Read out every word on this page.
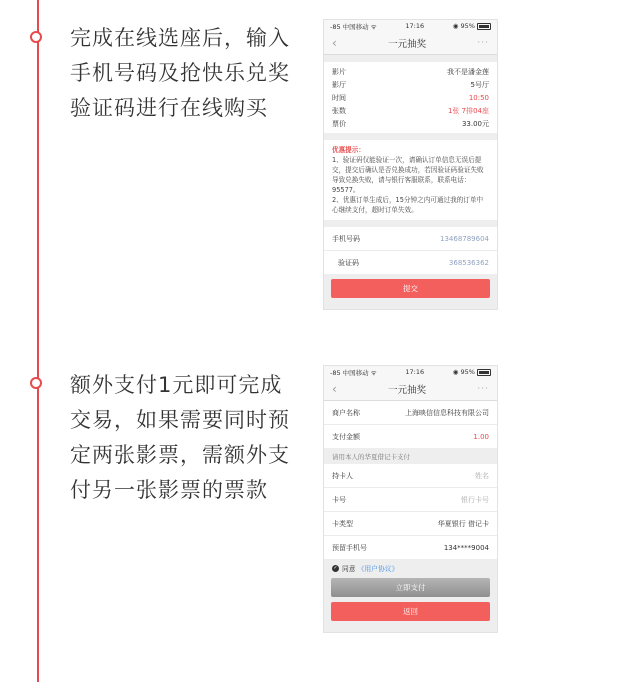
完成在线选座后，输入手机号码及抢快乐兑奖验证码进行在线购买
-85 中国移动 ᯤ	17:16	◉ 95%
‹	一元抽奖	···
影片	我不是潘金莲
影厅	5号厅
时间	10:50
张数	1张 7排04座
票价	33.00元
优惠提示：
1、验证码仅能验证一次，请确认订单信息无误后提交，提交后确认是否兑换成功，若因验证码验证失败导致兑换失败，请与银行客服联系，联系电话：95577。
2、优惠订单生成后，15分钟之内可通过我的订单中心继续支付，超时订单失效。
手机号码	13468789604
验证码	368536362
提交
额外支付1元即可完成交易，如果需要同时预定两张影票，需额外支付另一张影票的票款
-85 中国移动 ᯤ	17:16	◉ 95%
‹	一元抽奖	···
商户名称	上海映信信息科技有限公司
支付金额	1.00
请用本人的华夏借记卡支付
持卡人	姓名
卡号	银行卡号
卡类型	华夏银行 借记卡
预留手机号	134****9004
✓ 同意 《用户协议》
立即支付
返回
